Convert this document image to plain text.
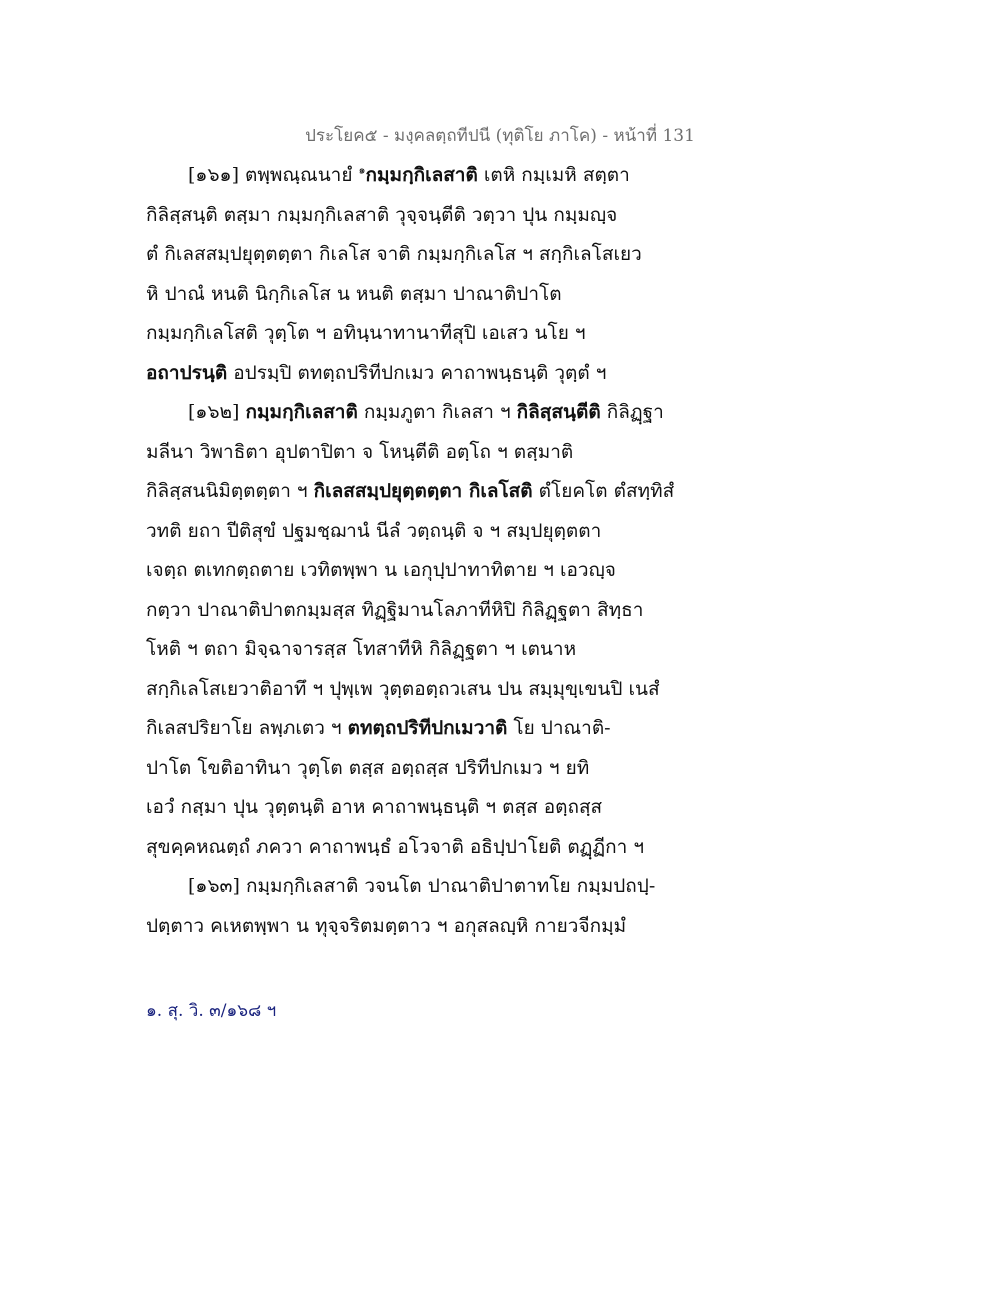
ประโยค๕ - มงฺคลตฺถทีปนี (ทุติโย ภาโค) - หน้าที่ 131
[๑๖๑] ตพฺพณฺณนายํ $^๑$กมฺมกฺกิเลสาติ เตหิ กมฺเมหิ สตฺตา
กิลิสฺสนฺติ ตสฺมา กมฺมกฺกิเลสาติ วุจฺจนฺตีติ วตฺวา ปุน กมฺมญฺจ
ตํ กิเลสสมฺปยุตฺตตฺตา กิเลโส จาติ กมฺมกฺกิเลโส ฯ สกฺกิเลโสเยว
หิ ปาณํ หนติ นิกฺกิเลโส น หนติ ตสฺมา ปาณาติปาโต
กมฺมกฺกิเลโสติ วุตฺโต ฯ อทินฺนาทานาทีสุปิ เอเสว นโย ฯ
อถาปรนฺติ อปรมฺปิ ตทตฺถปริทีปกเมว คาถาพนฺธนฺติ วุตฺตํ ฯ
[๑๖๒] กมฺมกฺกิเลสาติ กมฺมภูตา กิเลสา ฯ กิลิสฺสนฺตีติ กิลิฏฺฐา
มลีนา วิพาธิตา อุปตาปิตา จ โหนฺตีติ อตฺโถ ฯ ตสฺมาติ
กิลิสฺสนนิมิตฺตตฺตา ฯ กิเลสสมฺปยุตฺตตฺตา กิเลโสติ ตํโยคโต ตํสทฺทิสํ
วทติ ยถา ปีติสุขํ ปฐมชฺฌานํ นีลํ วตฺถนฺติ จ ฯ สมฺปยุตฺตตา
เจตฺถ ตเทกตฺถตาย เวทิตพฺพา น เอกุปฺปาทาทิตาย ฯ เอวญฺจ
กตฺวา ปาณาติปาตกมฺมสฺส ทิฏฺฐิมานโลภาทีหิปิ กิลิฏฺฐตา สิทฺธา
โหติ ฯ ตถา มิจฺฉาจารสฺส โทสาทีหิ กิลิฏฺฐตา ฯ เตนาห
สกฺกิเลโสเยวาติอาทึ ฯ ปุพฺเพ วุตฺตอตฺถวเสน ปน สมฺมุขฺเขนปิ เนสํ
กิเลสปริยาโย ลพฺภเตว ฯ ตทตฺถปริทีปกเมวาติ โย ปาณาติ-
ปาโต โขติอาทินา วุตฺโต ตสฺส อตฺถสฺส ปริทีปกเมว ฯ ยทิ
เอวํ กสฺมา ปุน วุตฺตนฺติ อาห คาถาพนฺธนฺติ ฯ ตสฺส อตฺถสฺส
สุขคฺคหณตฺถํ ภควา คาถาพนฺธํ อโวจาติ อธิปฺปาโยติ ตฏฺฏีกา ฯ
[๑๖๓] กมฺมกฺกิเลสาติ วจนโต ปาณาติปาตาทโย กมฺมปถปฺ-
ปตฺตาว คเหตพฺพา น ทุจฺจริตมตฺตาว ฯ อกุสลญฺหิ กายวจีกมฺมํ
๑. สุ. วิ. ๓/๑๖๘ ฯ
